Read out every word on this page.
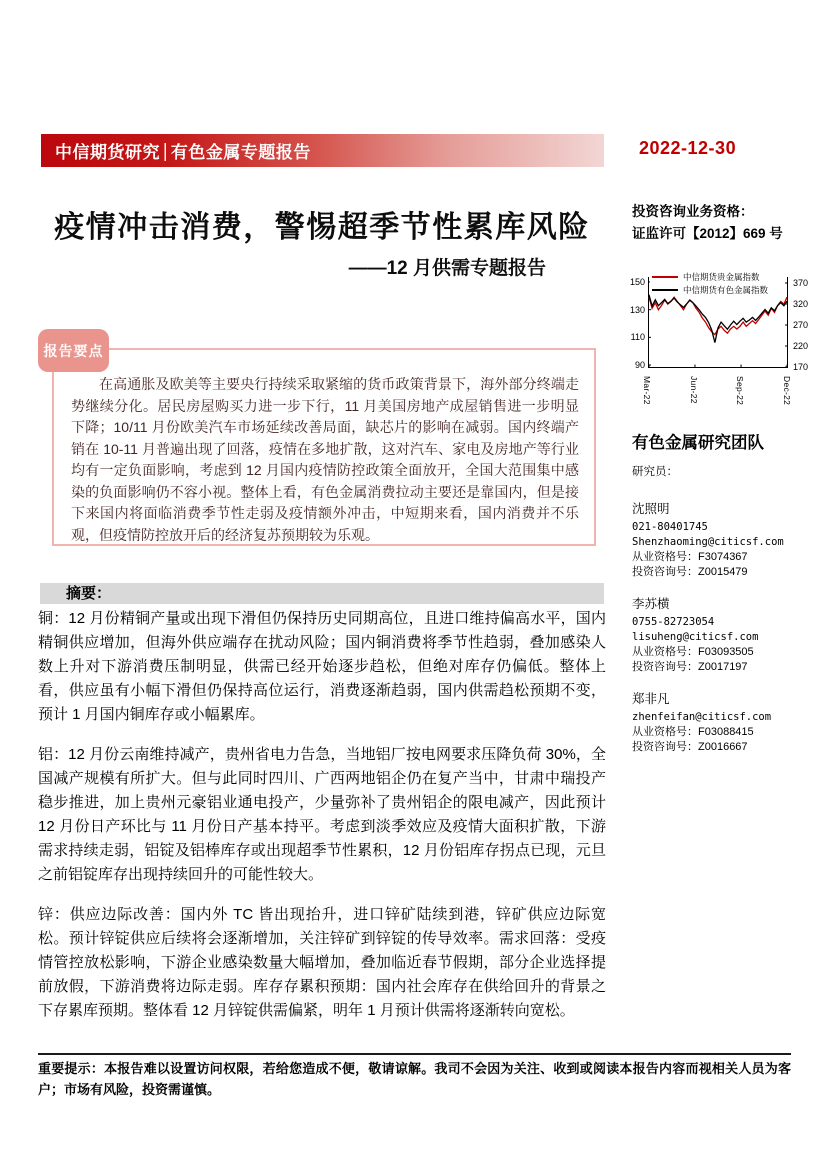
中信期货研究 | 有色金属专题报告	2022-12-30
疫情冲击消费，警惕超季节性累库风险
——12 月供需专题报告
投资咨询业务资格：
证监许可【2012】669 号
中信期货贵金属指数
中信期货有色金属指数
150
130
110
90
370
320
270
220
170
Mar-22	Jun-22	Sep-22	Dec-22
有色金属研究团队
研究员：
沈照明
021-80401745
Shenzhaoming@citicsf.com
从业资格号：F3074367
投资咨询号：Z0015479
李苏横
0755-82723054
lisuheng@citicsf.com
从业资格号：F03093505
投资咨询号：Z0017197
郑非凡
zhenfeifan@citicsf.com
从业资格号：F03088415
投资咨询号：Z0016667
报告要点

在高通胀及欧美等主要央行持续采取紧缩的货币政策背景下，海外部分终端走势继续分化。居民房屋购买力进一步下行，11 月美国房地产成屋销售进一步明显下降；10/11 月份欧美汽车市场延续改善局面，缺芯片的影响在减弱。国内终端产销在 10-11 月普遍出现了回落，疫情在多地扩散，这对汽车、家电及房地产等行业均有一定负面影响，考虑到 12 月国内疫情防控政策全面放开，全国大范围集中感染的负面影响仍不容小视。整体上看，有色金属消费拉动主要还是靠国内，但是接下来国内将面临消费季节性走弱及疫情额外冲击，中短期来看，国内消费并不乐观，但疫情防控放开后的经济复苏预期较为乐观。

摘要：

铜：12 月份精铜产量或出现下滑但仍保持历史同期高位，且进口维持偏高水平，国内精铜供应增加，但海外供应端存在扰动风险；国内铜消费将季节性趋弱，叠加感染人数上升对下游消费压制明显，供需已经开始逐步趋松，但绝对库存仍偏低。整体上看，供应虽有小幅下滑但仍保持高位运行，消费逐渐趋弱，国内供需趋松预期不变，预计 1 月国内铜库存或小幅累库。

铝：12 月份云南维持减产，贵州省电力告急，当地铝厂按电网要求压降负荷 30%，全国减产规模有所扩大。但与此同时四川、广西两地铝企仍在复产当中，甘肃中瑞投产稳步推进，加上贵州元豪铝业通电投产，少量弥补了贵州铝企的限电减产，因此预计 12 月份日产环比与 11 月份日产基本持平。考虑到淡季效应及疫情大面积扩散，下游需求持续走弱，铝锭及铝棒库存或出现超季节性累积，12 月份铝库存拐点已现，元旦之前铝锭库存出现持续回升的可能性较大。

锌：供应边际改善：国内外 TC 皆出现抬升，进口锌矿陆续到港，锌矿供应边际宽松。预计锌锭供应后续将会逐渐增加，关注锌矿到锌锭的传导效率。需求回落：受疫情管控放松影响，下游企业感染数量大幅增加，叠加临近春节假期，部分企业选择提前放假，下游消费将边际走弱。库存存累积预期：国内社会库存在供给回升的背景之下存累库预期。整体看 12 月锌锭供需偏紧，明年 1 月预计供需将逐渐转向宽松。

重要提示：本报告难以设置访问权限，若给您造成不便，敬请谅解。我司不会因为关注、收到或阅读本报告内容而视相关人员为客户；市场有风险，投资需谨慎。
